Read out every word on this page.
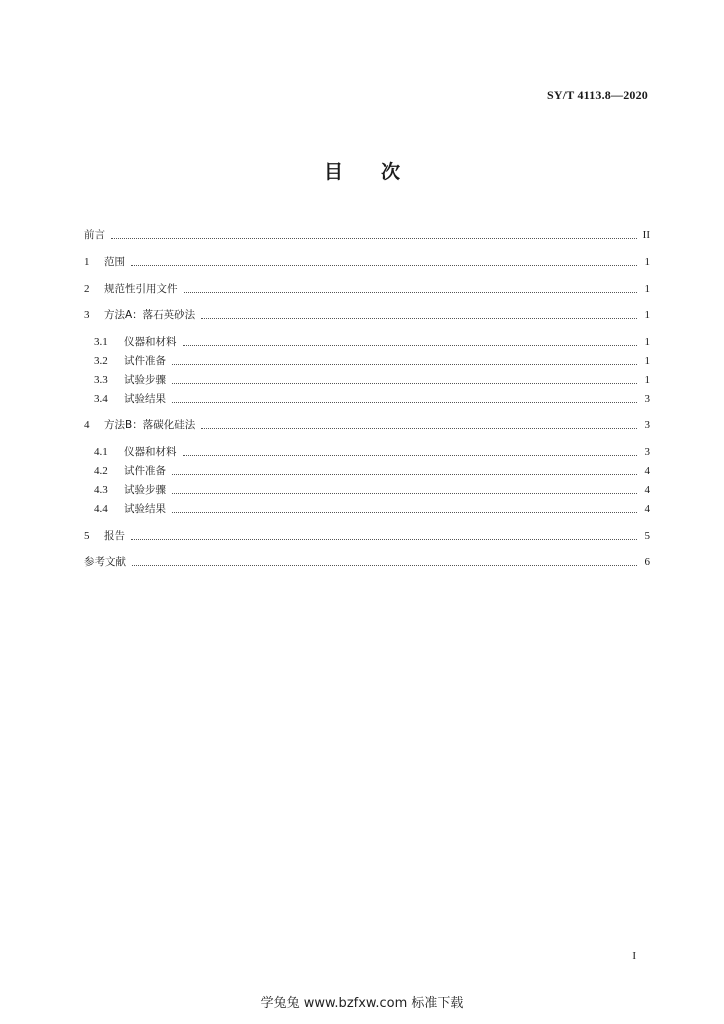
SY/T 4113.8—2020
目 次
前言	II
1	范围	1
2	规范性引用文件	1
3	方法A：落石英砂法	1
3.1	仪器和材料	1
3.2	试件准备	1
3.3	试验步骤	1
3.4	试验结果	3
4	方法B：落碳化硅法	3
4.1	仪器和材料	3
4.2	试件准备	4
4.3	试验步骤	4
4.4	试验结果	4
5	报告	5
参考文献	6
I
学兔兔 www.bzfxw.com 标准下载
